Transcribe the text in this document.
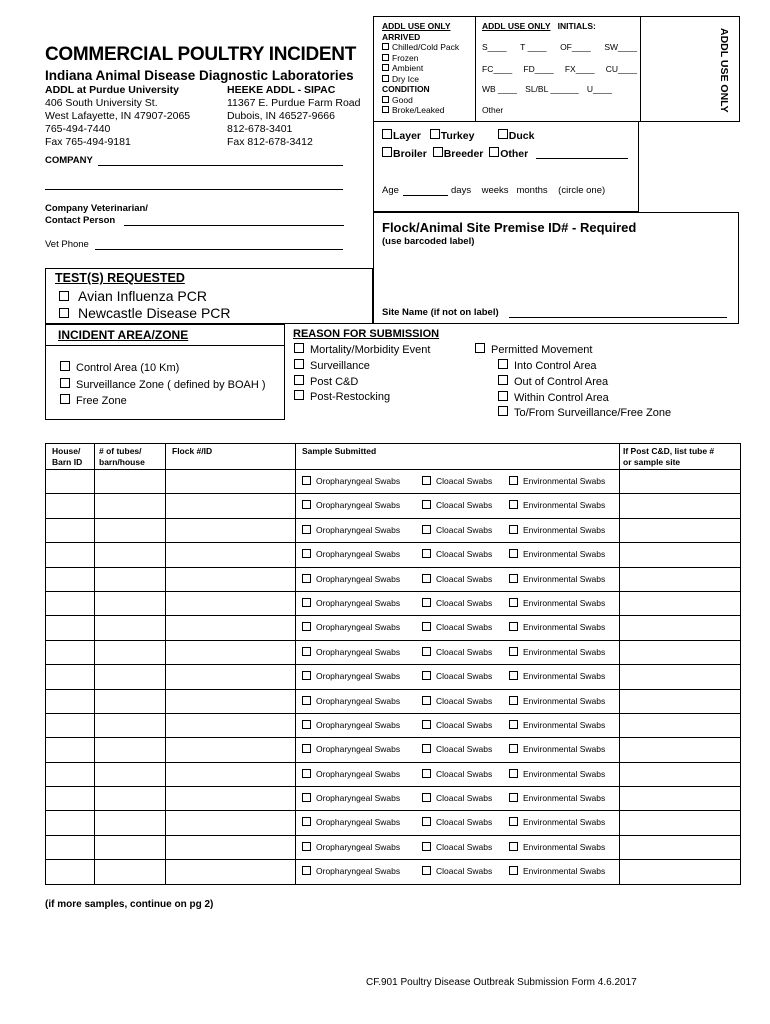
COMMERCIAL POULTRY INCIDENT
Indiana Animal Disease Diagnostic Laboratories
ADDL at Purdue University
406 South University St.
West Lafayette, IN 47907-2065
765-494-7440
Fax 765-494-9181
HEEKE ADDL - SIPAC
11367 E. Purdue Farm Road
Dubois, IN 46527-9666
812-678-3401
Fax 812-678-3412
COMPANY
Company Veterinarian/
Contact Person
Vet Phone
ADDL USE ONLY
ARRIVED
Chilled/Cold Pack
Frozen
Ambient
Dry Ice
CONDITION
Good
Broke/Leaked
ADDL USE ONLY INITIALS:
S____ T ____ OF____ SW____
FC____ FD____ FX____ CU____
WB ____ SL/BL ______ U____
Other	ADDL USE ONLY
Layer Turkey	Duck
Broiler Breeder Other
Age	days    weeks   months    (circle one)
Flock/Animal Site Premise ID# - Required
(use barcoded label)
Site Name (if not on label)
TEST(S) REQUESTED
Avian Influenza PCR
Newcastle Disease PCR
INCIDENT AREA/ZONE
Control Area (10 Km)
Surveillance Zone ( defined by BOAH )
Free Zone
REASON FOR SUBMISSION
Mortality/Morbidity Event
Surveillance
Post C&D
Post-Restocking
Permitted Movement
Into Control Area
Out of Control Area
Within Control Area
To/From Surveillance/Free Zone
House/
Barn ID	# of tubes/
barn/house	Flock #/ID	Sample Submitted	If Post C&D, list tube #
or sample site

			Oropharyngeal Swabs Cloacal Swabs Environmental Swabs	

			Oropharyngeal Swabs Cloacal Swabs Environmental Swabs	

			Oropharyngeal Swabs Cloacal Swabs Environmental Swabs	

			Oropharyngeal Swabs Cloacal Swabs Environmental Swabs	

			Oropharyngeal Swabs Cloacal Swabs Environmental Swabs	

			Oropharyngeal Swabs Cloacal Swabs Environmental Swabs	

			Oropharyngeal Swabs Cloacal Swabs Environmental Swabs	

			Oropharyngeal Swabs Cloacal Swabs Environmental Swabs	

			Oropharyngeal Swabs Cloacal Swabs Environmental Swabs	

			Oropharyngeal Swabs Cloacal Swabs Environmental Swabs	

			Oropharyngeal Swabs Cloacal Swabs Environmental Swabs	

			Oropharyngeal Swabs Cloacal Swabs Environmental Swabs	

			Oropharyngeal Swabs Cloacal Swabs Environmental Swabs	

			Oropharyngeal Swabs Cloacal Swabs Environmental Swabs	

			Oropharyngeal Swabs Cloacal Swabs Environmental Swabs	

			Oropharyngeal Swabs Cloacal Swabs Environmental Swabs	

			Oropharyngeal Swabs Cloacal Swabs Environmental Swabs	

(if more samples, continue on pg 2)
CF.901 Poultry Disease Outbreak Submission Form 4.6.2017
